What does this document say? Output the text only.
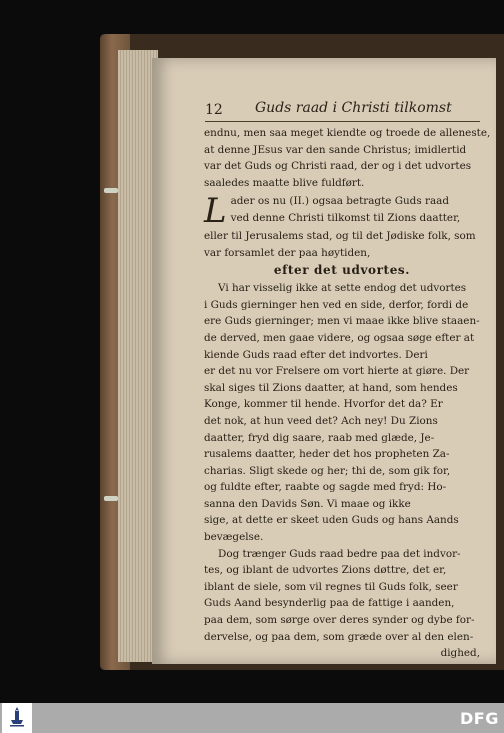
12 Guds raad i Christi tilkomst
endnu, men saa meget kiendte og troede de alleneste,
at denne JEsus var den sande Christus; imidlertid
var det Guds og Christi raad, der og i det udvortes
saaledes maatte blive fuldført.
L ader os nu (II.) ogsaa betragte Guds raad
ved denne Christi tilkomst til Zions daatter,
eller til Jerusalems stad, og til det Jødiske folk, som
var forsamlet der paa høytiden,
efter det udvortes.
Vi har visselig ikke at sette endog det udvortes
i Guds gierninger hen ved en side, derfor, fordi de
ere Guds gierninger; men vi maae ikke blive staaen-
de derved, men gaae videre, og ogsaa søge efter at
kiende Guds raad efter det indvortes. Deri
er det nu vor Frelsere om vort hierte at giøre. Der
skal siges til Zions daatter, at hand, som hendes
Konge, kommer til hende. Hvorfor det da? Er
det nok, at hun veed det? Ach ney! Du Zions
daatter, fryd dig saare, raab med glæde, Je-
rusalems daatter, heder det hos propheten Za-
charias. Sligt skede og her; thi de, som gik for,
og fuldte efter, raabte og sagde med fryd: Ho-
sanna den Davids Søn. Vi maae og ikke
sige, at dette er skeet uden Guds og hans Aands
bevægelse.
Dog trænger Guds raad bedre paa det indvor-
tes, og iblant de udvortes Zions døttre, det er,
iblant de siele, som vil regnes til Guds folk, seer
Guds Aand besynderlig paa de fattige i aanden,
paa dem, som sørge over deres synder og dybe for-
dervelse, og paa dem, som græde over al den elen-
dighed,
DFG
